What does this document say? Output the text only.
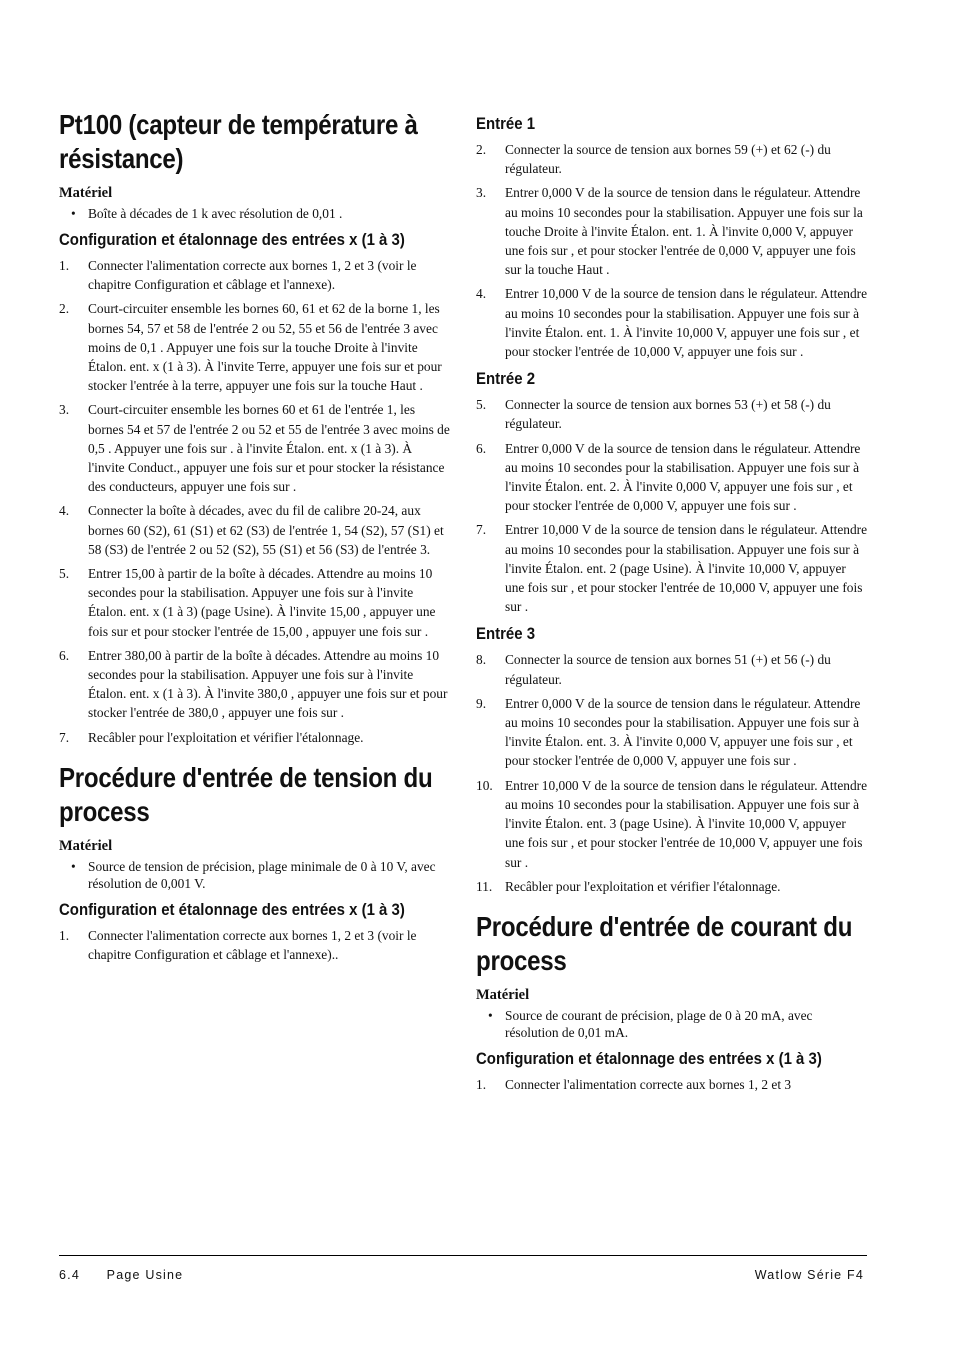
Pt100 (capteur de température à résistance)
Matériel
• Boîte à décades de 1 k avec résolution de 0,01 .
Configuration et étalonnage des entrées x (1 à 3)
1. Connecter l'alimentation correcte aux bornes 1, 2 et 3 (voir le chapitre Configuration et câblage et l'annexe).
2. Court-circuiter ensemble les bornes 60, 61 et 62 de la borne 1, les bornes 54, 57 et 58 de l'entrée 2 ou 52, 55 et 56 de l'entrée 3 avec moins de 0,1 . Appuyer une fois sur la touche Droite à l'invite Étalon. ent. x (1 à 3). À l'invite Terre, appuyer une fois sur et pour stocker l'entrée à la terre, appuyer une fois sur la touche Haut .
3. Court-circuiter ensemble les bornes 60 et 61 de l'entrée 1, les bornes 54 et 57 de l'entrée 2 ou 52 et 55 de l'entrée 3 avec moins de 0,5 . Appuyer une fois sur . à l'invite Étalon. ent. x (1 à 3). À l'invite Conduct., appuyer une fois sur et pour stocker la résistance des conducteurs, appuyer une fois sur .
4. Connecter la boîte à décades, avec du fil de calibre 20-24, aux bornes 60 (S2), 61 (S1) et 62 (S3) de l'entrée 1, 54 (S2), 57 (S1) et 58 (S3) de l'entrée 2 ou 52 (S2), 55 (S1) et 56 (S3) de l'entrée 3.
5. Entrer 15,00 à partir de la boîte à décades. Attendre au moins 10 secondes pour la stabilisation. Appuyer une fois sur à l'invite Étalon. ent. x (1 à 3) (page Usine). À l'invite 15,00 , appuyer une fois sur et pour stocker l'entrée de 15,00 , appuyer une fois sur .
6. Entrer 380,00 à partir de la boîte à décades. Attendre au moins 10 secondes pour la stabilisation. Appuyer une fois sur à l'invite Étalon. ent. x (1 à 3). À l'invite 380,0 , appuyer une fois sur et pour stocker l'entrée de 380,0 , appuyer une fois sur .
7. Recâbler pour l'exploitation et vérifier l'étalonnage.
Procédure d'entrée de tension du process
Matériel
• Source de tension de précision, plage minimale de 0 à 10 V, avec résolution de 0,001 V.
Configuration et étalonnage des entrées x (1 à 3)
1. Connecter l'alimentation correcte aux bornes 1, 2 et 3 (voir le chapitre Configuration et câblage et l'annexe)..
Entrée 1
2. Connecter la source de tension aux bornes 59 (+) et 62 (-) du régulateur.
3. Entrer 0,000 V de la source de tension dans le régulateur. Attendre au moins 10 secondes pour la stabilisation. Appuyer une fois sur la touche Droite à l'invite Étalon. ent. 1. À l'invite 0,000 V, appuyer une fois sur , et pour stocker l'entrée de 0,000 V, appuyer une fois sur la touche Haut .
4. Entrer 10,000 V de la source de tension dans le régulateur. Attendre au moins 10 secondes pour la stabilisation. Appuyer une fois sur à l'invite Étalon. ent. 1. À l'invite 10,000 V, appuyer une fois sur , et pour stocker l'entrée de 10,000 V, appuyer une fois sur .
Entrée 2
5. Connecter la source de tension aux bornes 53 (+) et 58 (-) du régulateur.
6. Entrer 0,000 V de la source de tension dans le régulateur. Attendre au moins 10 secondes pour la stabilisation. Appuyer une fois sur à l'invite Étalon. ent. 2. À l'invite 0,000 V, appuyer une fois sur , et pour stocker l'entrée de 0,000 V, appuyer une fois sur .
7. Entrer 10,000 V de la source de tension dans le régulateur. Attendre au moins 10 secondes pour la stabilisation. Appuyer une fois sur à l'invite Étalon. ent. 2 (page Usine). À l'invite 10,000 V, appuyer une fois sur , et pour stocker l'entrée de 10,000 V, appuyer une fois sur .
Entrée 3
8. Connecter la source de tension aux bornes 51 (+) et 56 (-) du régulateur.
9. Entrer 0,000 V de la source de tension dans le régulateur. Attendre au moins 10 secondes pour la stabilisation. Appuyer une fois sur à l'invite Étalon. ent. 3. À l'invite 0,000 V, appuyer une fois sur , et pour stocker l'entrée de 0,000 V, appuyer une fois sur .
10. Entrer 10,000 V de la source de tension dans le régulateur. Attendre au moins 10 secondes pour la stabilisation. Appuyer une fois sur à l'invite Étalon. ent. 3 (page Usine). À l'invite 10,000 V, appuyer une fois sur , et pour stocker l'entrée de 10,000 V, appuyer une fois sur .
11. Recâbler pour l'exploitation et vérifier l'étalonnage.
Procédure d'entrée de courant du process
Matériel
• Source de courant de précision, plage de 0 à 20 mA, avec résolution de 0,01 mA.
Configuration et étalonnage des entrées x (1 à 3)
1. Connecter l'alimentation correcte aux bornes 1, 2 et 3
6.4 Page Usine	Watlow Série F4
